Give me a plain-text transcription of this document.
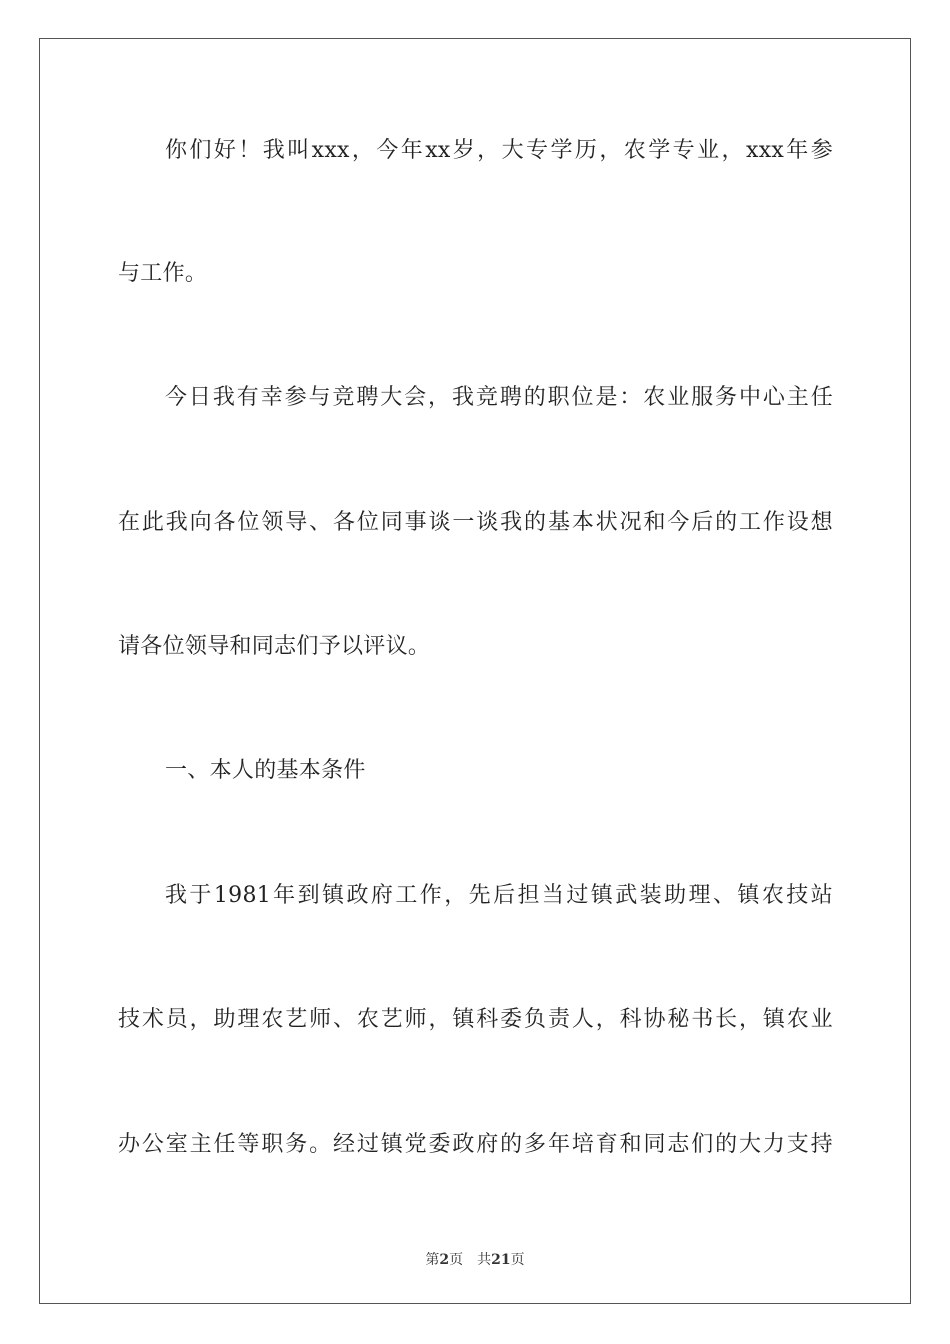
你们好！我叫xxx，今年xx岁，大专学历，农学专业，xxx年参
与工作。
今日我有幸参与竞聘大会，我竞聘的职位是：农业服务中心主任
在此我向各位领导、各位同事谈一谈我的基本状况和今后的工作设想
请各位领导和同志们予以评议。
一、本人的基本条件
我于1981年到镇政府工作，先后担当过镇武装助理、镇农技站
技术员，助理农艺师、农艺师，镇科委负责人，科协秘书长，镇农业
办公室主任等职务。经过镇党委政府的多年培育和同志们的大力支持
第2页 共21页
